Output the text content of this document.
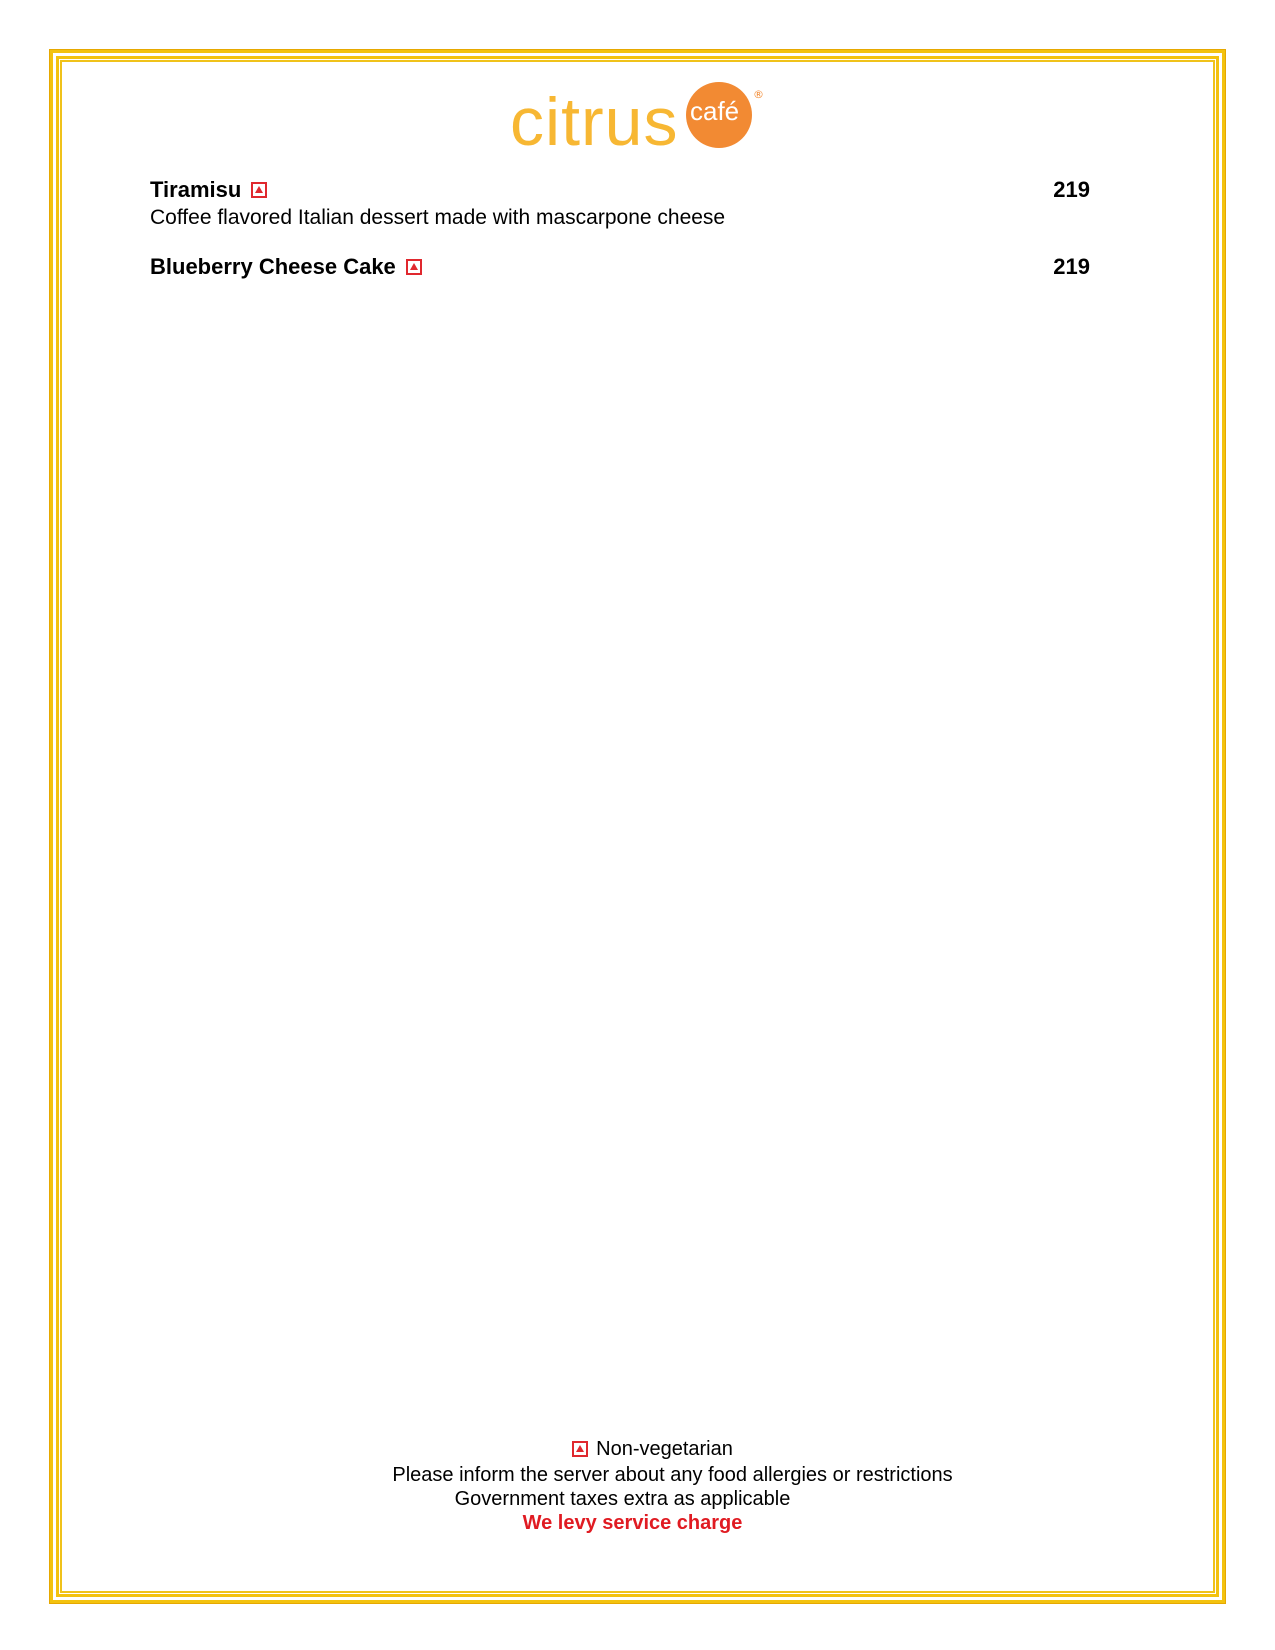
citrus café
®
Tiramisu	219
Coffee flavored Italian dessert made with mascarpone cheese
Blueberry Cheese Cake	219
Non-vegetarian
Please inform the server about any food allergies or restrictions
Government taxes extra as applicable
We levy service charge
